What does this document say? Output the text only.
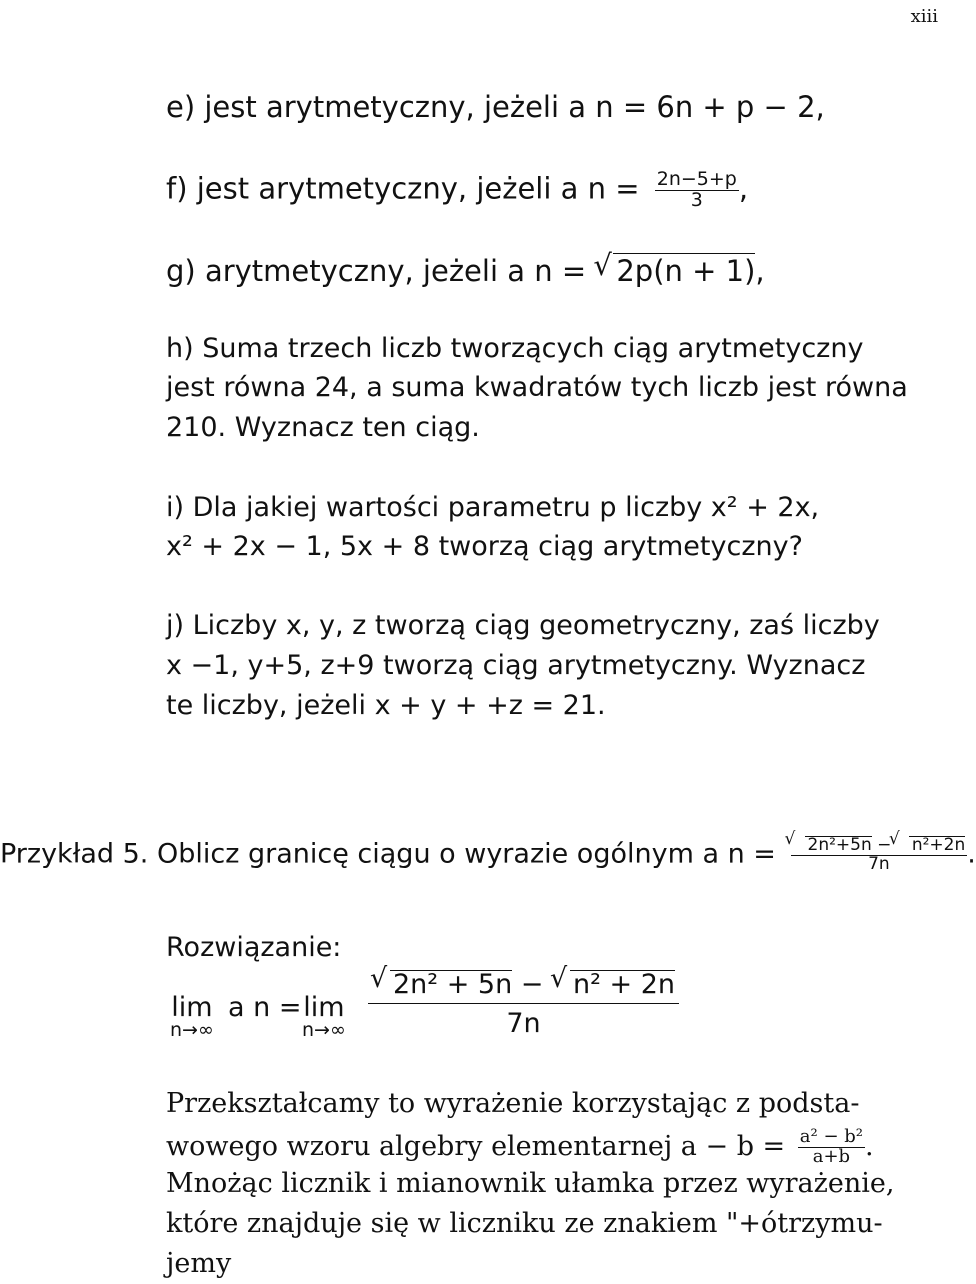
xiii
e) jest arytmetyczny, jeżeli a n = 6n + p − 2,
f) jest arytmetyczny, jeżeli a $n = \frac{2n-5+p}{3}$ ,
g) arytmetyczny, jeżeli a n = √ 2p(n + 1),
h) Suma trzech liczb tworzących ciąg arytmetyczny
jest równa 24, a suma kwadratów tych liczb jest równa
210. Wyznacz ten ciąg.
i) Dla jakiej wartości parametru p liczby x² + 2x,
x² + 2x − 1, 5x + 8 tworzą ciąg arytmetyczny?
j) Liczby x, y, z tworzą ciąg geometryczny, zaś liczby
x −1, y+5, z+9 tworzą ciąg arytmetyczny. Wyznacz
te liczby, jeżeli x + y + +z = 21.
Przykład 5. Oblicz granicę ciągu o wyrazie ogólnym a n = √ $\frac{\text{2n²+5n − √ n²+2n}}{7n}$ .
Rozwiązanie:
lim
n→∞
a n = lim
n→∞ √ $\frac{\text{2n² + 5n − √ n² + 2n}}{7n}$
Przekształcamy to wyrażenie korzystając z podsta-
wowego wzoru algebry elementarnej $a - b = \frac{\text{a² − b²}}{a+b}$ .
Mnożąc licznik i mianownik ułamka przez wyrażenie,
które znajduje się w liczniku ze znakiem "+ótrzymu-
jemy
